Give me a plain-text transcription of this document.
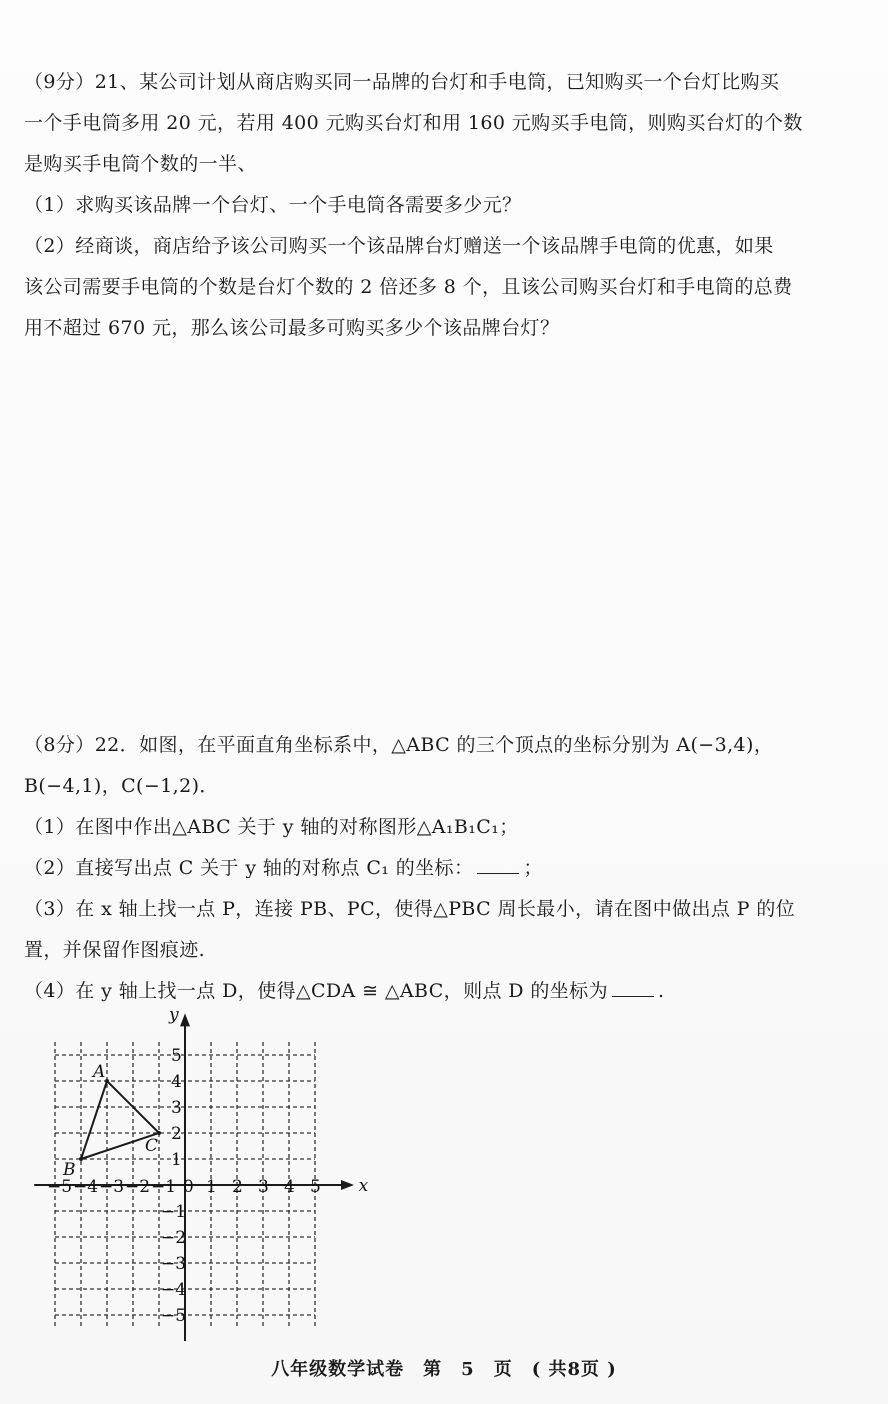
（9分）21、某公司计划从商店购买同一品牌的台灯和手电筒，已知购买一个台灯比购买
一个手电筒多用 20 元，若用 400 元购买台灯和用 160 元购买手电筒，则购买台灯的个数
是购买手电筒个数的一半、
（1）求购买该品牌一个台灯、一个手电筒各需要多少元？
（2）经商谈，商店给予该公司购买一个该品牌台灯赠送一个该品牌手电筒的优惠，如果
该公司需要手电筒的个数是台灯个数的 2 倍还多 8 个，且该公司购买台灯和手电筒的总费
用不超过 670 元，那么该公司最多可购买多少个该品牌台灯？
（8分）22．如图，在平面直角坐标系中，△ABC 的三个顶点的坐标分别为 A(−3,4)，
B(−4,1)，C(−1,2)．
（1）在图中作出△ABC 关于 y 轴的对称图形△A₁B₁C₁；
（2）直接写出点 C 关于 y 轴的对称点 C₁ 的坐标：	；
（3）在 x 轴上找一点 P，连接 PB、PC，使得△PBC 周长最小，请在图中做出点 P 的位
置，并保留作图痕迹.
（4）在 y 轴上找一点 D，使得△CDA ≅ △ABC，则点 D 的坐标为	.
x
y
−5 −4 −3 −2 −1 0 1 2 3 4 5
5
4
3
2
1
−1
−2
−3
−4
−5
A
B
C
八年级数学试卷　第　5　页　( 共8页 )
